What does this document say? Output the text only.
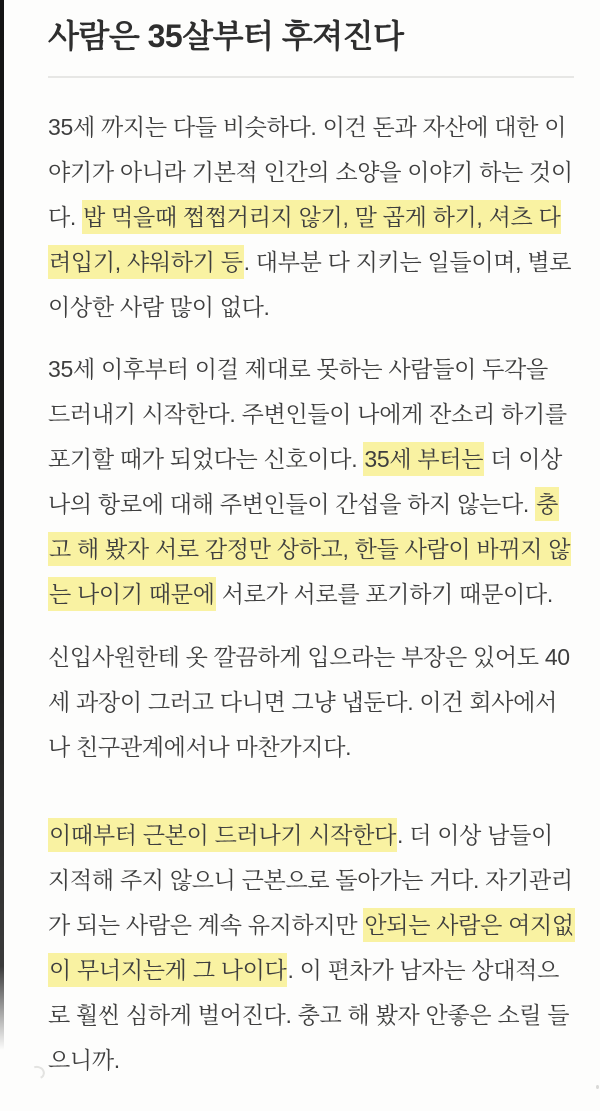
사람은 35살부터 후져진다
35세 까지는 다들 비슷하다. 이건 돈과 자산에 대한 이
야기가 아니라 기본적 인간의 소양을 이야기 하는 것이
다. 밥 먹을때 쩝쩝거리지 않기, 말 곱게 하기, 셔츠 다
려입기, 샤워하기 등. 대부분 다 지키는 일들이며, 별로
이상한 사람 많이 없다.
35세 이후부터 이걸 제대로 못하는 사람들이 두각을
드러내기 시작한다. 주변인들이 나에게 잔소리 하기를
포기할 때가 되었다는 신호이다. 35세 부터는 더 이상
나의 항로에 대해 주변인들이 간섭을 하지 않는다. 충
고 해 봤자 서로 감정만 상하고, 한들 사람이 바뀌지 않
는 나이기 때문에 서로가 서로를 포기하기 때문이다.
신입사원한테 옷 깔끔하게 입으라는 부장은 있어도 40
세 과장이 그러고 다니면 그냥 냅둔다. 이건 회사에서
나 친구관계에서나 마찬가지다.
이때부터 근본이 드러나기 시작한다. 더 이상 남들이
지적해 주지 않으니 근본으로 돌아가는 거다. 자기관리
가 되는 사람은 계속 유지하지만 안되는 사람은 여지없
이 무너지는게 그 나이다. 이 편차가 남자는 상대적으
로 훨씬 심하게 벌어진다. 충고 해 봤자 안좋은 소릴 들
으니까.
